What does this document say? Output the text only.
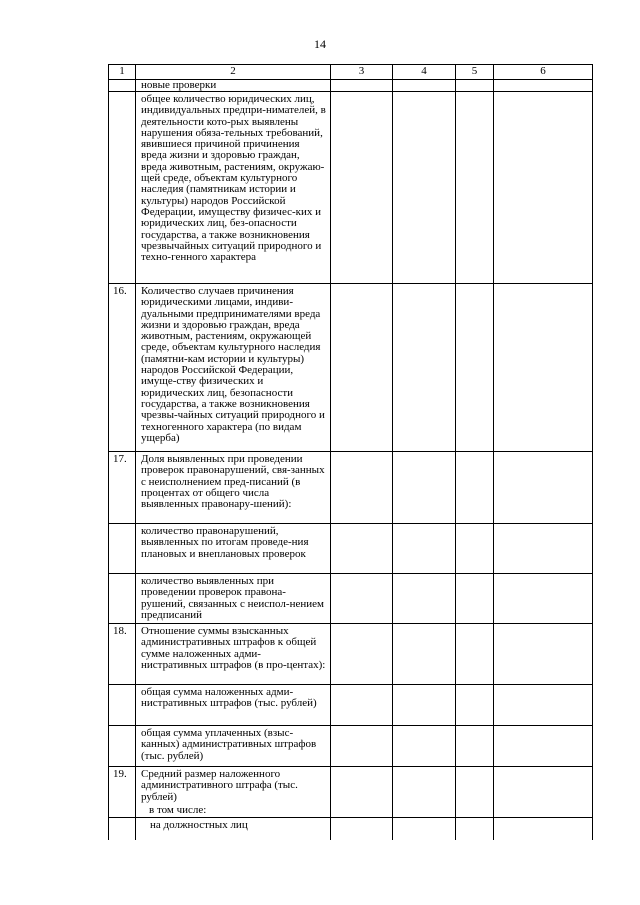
14
1	2	3	4	5	6
	новые проверки				
	общее количество юридических лиц, индивидуальных предпри-нимателей, в деятельности кото-рых выявлены нарушения обяза-тельных требований, явившиеся причиной причинения вреда жизни и здоровью граждан, вреда животным, растениям, окружаю-щей среде, объектам культурного наследия (памятникам истории и культуры) народов Российской Федерации, имуществу физичес-ких и юридических лиц, без-опасности государства, а также возникновения чрезвычайных ситуаций природного и техно-генного характера				
16.	Количество случаев причинения юридическими лицами, индиви-дуальными предпринимателями вреда жизни и здоровью граждан, вреда животным, растениям, окружающей среде, объектам культурного наследия (памятни-кам истории и культуры) народов Российской Федерации, имуще-ству физических и юридических лиц, безопасности государства, а также возникновения чрезвы-чайных ситуаций природного и техногенного характера (по видам ущерба)				
17.	Доля выявленных при проведении проверок правонарушений, свя-занных с неисполнением пред-писаний (в процентах от общего числа выявленных правонару-шений):				
	количество правонарушений, выявленных по итогам проведе-ния плановых и внеплановых проверок				
	количество выявленных при проведении проверок правона-рушений, связанных с неиспол-нением предписаний				
18.	Отношение суммы взысканных административных штрафов к общей сумме наложенных адми-нистративных штрафов (в про-центах):				
	общая сумма наложенных адми-нистративных штрафов (тыс. рублей)				
	общая сумма уплаченных (взыс-канных) административных штрафов (тыс. рублей)				
19.	Средний размер наложенного административного штрафа (тыс. рублей)
в том числе:				

	на должностных лиц				
